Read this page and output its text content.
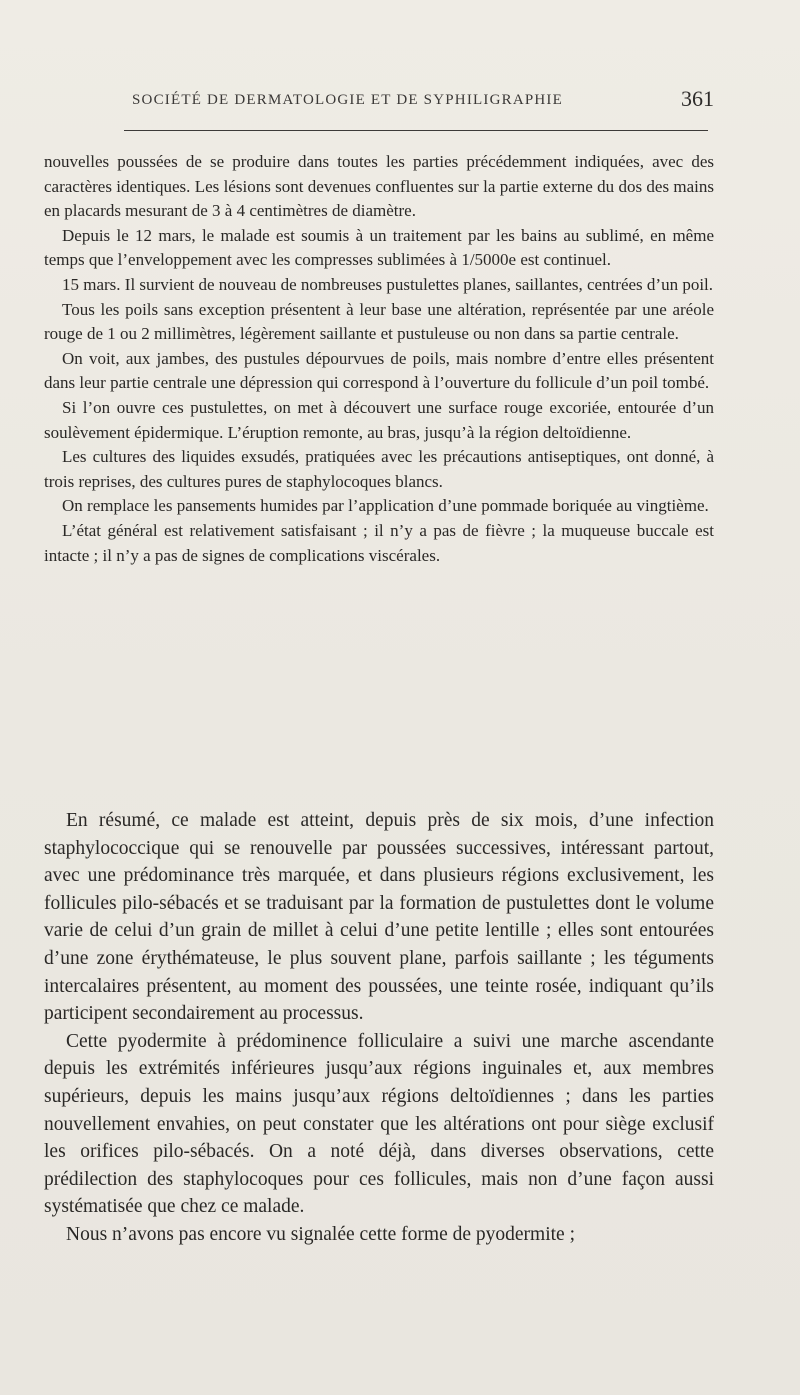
SOCIÉTÉ DE DERMATOLOGIE ET DE SYPHILIGRAPHIE	361

nouvelles poussées de se produire dans toutes les parties précédemment indiquées, avec des caractères identiques. Les lésions sont devenues confluentes sur la partie externe du dos des mains en placards mesurant de 3 à 4 centimètres de diamètre.

Depuis le 12 mars, le malade est soumis à un traitement par les bains au sublimé, en même temps que l’enveloppement avec les compresses sublimées à 1/5000e est continuel.

15 mars. Il survient de nouveau de nombreuses pustulettes planes, saillantes, centrées d’un poil.

Tous les poils sans exception présentent à leur base une altération, représentée par une aréole rouge de 1 ou 2 millimètres, légèrement saillante et pustuleuse ou non dans sa partie centrale.

On voit, aux jambes, des pustules dépourvues de poils, mais nombre d’entre elles présentent dans leur partie centrale une dépression qui correspond à l’ouverture du follicule d’un poil tombé.

Si l’on ouvre ces pustulettes, on met à découvert une surface rouge excoriée, entourée d’un soulèvement épidermique. L’éruption remonte, au bras, jusqu’à la région deltoïdienne.

Les cultures des liquides exsudés, pratiquées avec les précautions antiseptiques, ont donné, à trois reprises, des cultures pures de staphylocoques blancs.

On remplace les pansements humides par l’application d’une pommade boriquée au vingtième.

L’état général est relativement satisfaisant ; il n’y a pas de fièvre ; la muqueuse buccale est intacte ; il n’y a pas de signes de complications viscérales.

En résumé, ce malade est atteint, depuis près de six mois, d’une infection staphylococcique qui se renouvelle par poussées successives, intéressant partout, avec une prédominance très marquée, et dans plusieurs régions exclusivement, les follicules pilo-sébacés et se traduisant par la formation de pustulettes dont le volume varie de celui d’un grain de millet à celui d’une petite lentille ; elles sont entourées d’une zone érythémateuse, le plus souvent plane, parfois saillante ; les téguments intercalaires présentent, au moment des poussées, une teinte rosée, indiquant qu’ils participent secondairement au processus.

Cette pyodermite à prédominence folliculaire a suivi une marche ascendante depuis les extrémités inférieures jusqu’aux régions inguinales et, aux membres supérieurs, depuis les mains jusqu’aux régions deltoïdiennes ; dans les parties nouvellement envahies, on peut constater que les altérations ont pour siège exclusif les orifices pilo-sébacés. On a noté déjà, dans diverses observations, cette prédilection des staphylocoques pour ces follicules, mais non d’une façon aussi systématisée que chez ce malade.

Nous n’avons pas encore vu signalée cette forme de pyodermite ;
